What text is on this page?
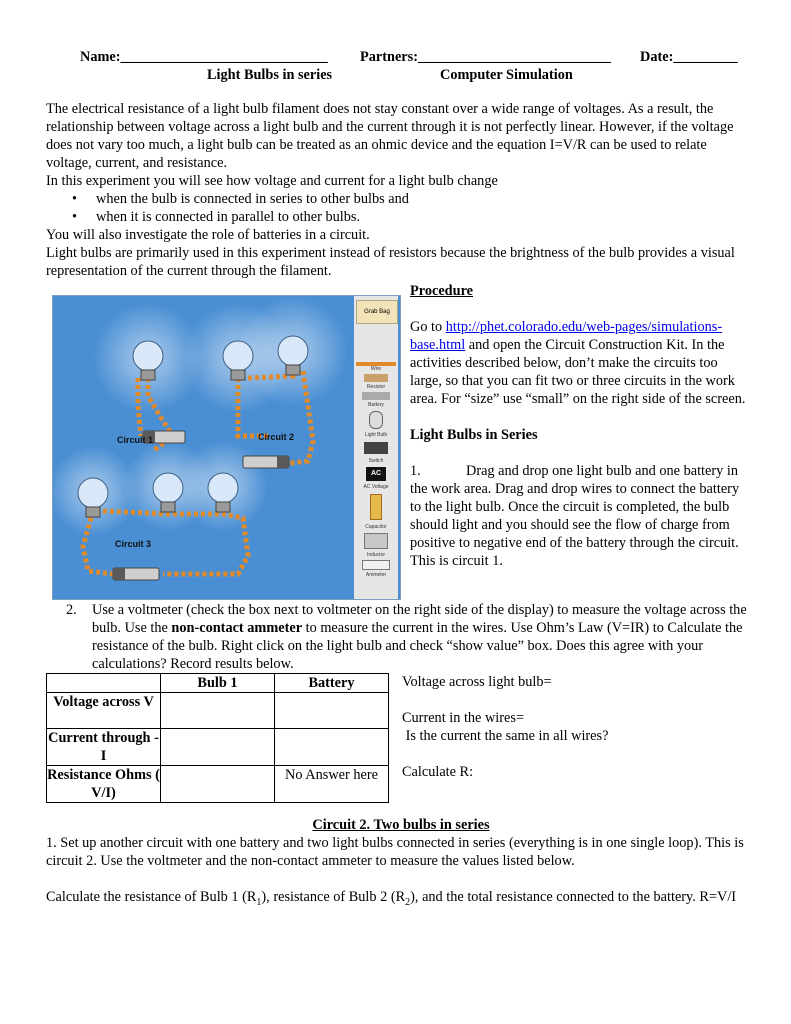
Name:_____________________________ Partners:___________________________ Date:_________
Light Bulbs in series	Computer Simulation

The electrical resistance of a light bulb filament does not stay constant over a wide range of voltages. As a result, the relationship between voltage across a light bulb and the current through it is not perfectly linear. However, if the voltage does not vary too much, a light bulb can be treated as an ohmic device and the equation I=V/R can be used to relate voltage, current, and resistance.

In this experiment you will see how voltage and current for a light bulb change

•	when the bulb is connected in series to other bulbs and
•	when it is connected in parallel to other bulbs.

You will also investigate the role of batteries in a circuit.

Light bulbs are primarily used in this experiment instead of resistors because the brightness of the bulb provides a visual representation of the current through the filament.

Circuit 1	Circuit 2
Circuit 3
Grab Bag
Wire
Resistor
Battery
Light Bulb
Switch
AC
AC Voltage
Capacitor
Inductor
Ammeter

Procedure

Go to http://phet.colorado.edu/web-pages/simulations-base.html and open the Circuit Construction Kit. In the activities described below, don’t make the circuits too large, so that you can fit two or three circuits in the work area. For “size” use “small” on the right side of the screen.

Light Bulbs in Series

1.	Drag and drop one light bulb and one battery in the work area. Drag and drop wires to connect the battery to the light bulb. Once the circuit is completed, the bulb should light and you should see the flow of charge from positive to negative end of the battery through the circuit. This is circuit 1.

2. Use a voltmeter (check the box next to voltmeter on the right side of the display) to measure the voltage across the bulb. Use the non-contact ammeter to measure the current in the wires. Use Ohm’s Law (V=IR) to Calculate the resistance of the bulb. Right click on the light bulb and check “show value” box. Does this agree with your calculations? Record results below.

	Bulb 1	Battery
Voltage across V		
Current through - I		
Resistance Ohms ( V/I)		No Answer here

Voltage across light bulb=

Current in the wires=

Is the current the same in all wires?

Calculate R:

Circuit 2. Two bulbs in series

1. Set up another circuit with one battery and two light bulbs connected in series (everything is in one single loop). This is circuit 2. Use the voltmeter and the non-contact ammeter to measure the values listed below.

Calculate the resistance of Bulb 1 $(R_1)$, resistance of Bulb 2 $(R_2)$, and the total resistance connected to the battery. R=V/I
